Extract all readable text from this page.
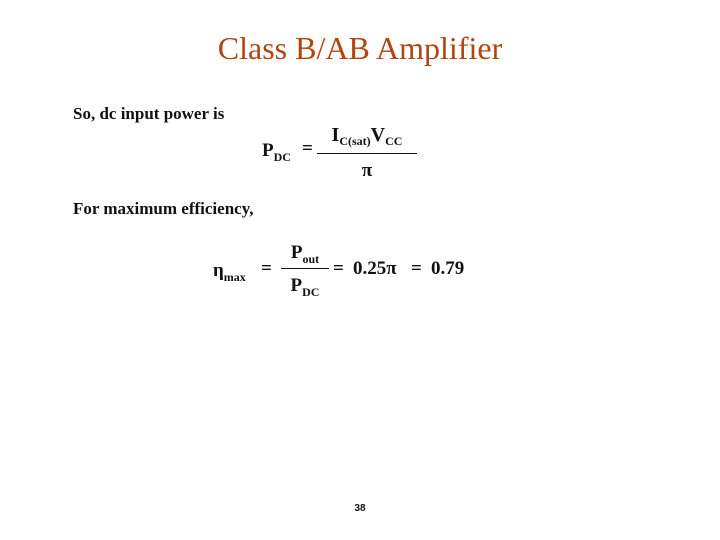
Class B/AB Amplifier
So, dc input power is
$P_{DC}$ =
$I_{C(sat)}V_{CC}$
π
For maximum efficiency,
$\eta_{max}$ =
$P_{out}$
$P_{DC}$
= 0.25π = 0.79
38
